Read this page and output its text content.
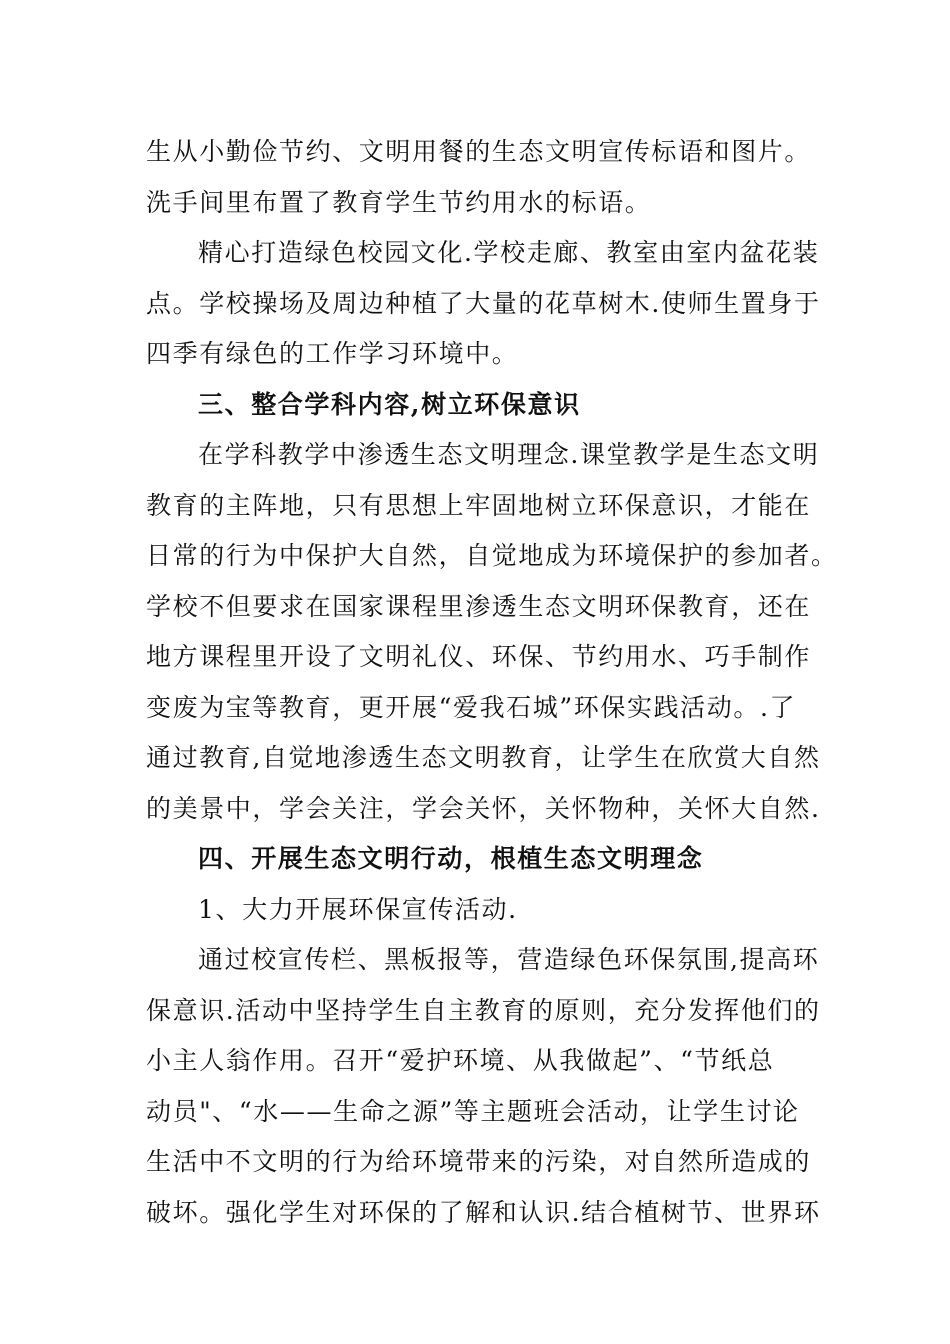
生从小勤俭节约、文明用餐的生态文明宣传标语和图片。
洗手间里布置了教育学生节约用水的标语。
精心打造绿色校园文化.学校走廊、教室由室内盆花装
点。学校操场及周边种植了大量的花草树木.使师生置身于
四季有绿色的工作学习环境中。
三、整合学科内容,树立环保意识
在学科教学中渗透生态文明理念.课堂教学是生态文明
教育的主阵地，只有思想上牢固地树立环保意识，才能在
日常的行为中保护大自然，自觉地成为环境保护的参加者。
学校不但要求在国家课程里渗透生态文明环保教育，还在
地方课程里开设了文明礼仪、环保、节约用水、巧手制作
变废为宝等教育，更开展“爱我石城”环保实践活动。.了
通过教育,自觉地渗透生态文明教育，让学生在欣赏大自然
的美景中，学会关注，学会关怀，关怀物种，关怀大自然.
四、开展生态文明行动，根植生态文明理念
1、大力开展环保宣传活动.
通过校宣传栏、黑板报等，营造绿色环保氛围,提高环
保意识.活动中坚持学生自主教育的原则，充分发挥他们的
小主人翁作用。召开“爱护环境、从我做起”、“节纸总
动员"、“水——生命之源”等主题班会活动，让学生讨论
生活中不文明的行为给环境带来的污染，对自然所造成的
破坏。强化学生对环保的了解和认识.结合植树节、世界环
